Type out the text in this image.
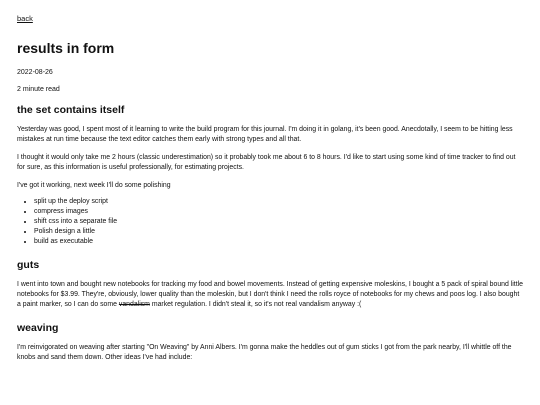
back
results in form
2022-08-26
2 minute read
the set contains itself

Yesterday was good, I spent most of it learning to write the build program for this journal. I'm doing it in golang, it's been good. Anecdotally, I seem to be hitting less mistakes at run time because the text editor catches them early with strong types and all that.

I thought it would only take me 2 hours (classic underestimation) so it probably took me about 6 to 8 hours. I'd like to start using some kind of time tracker to find out for sure, as this information is useful professionally, for estimating projects.

I've got it working, next week I'll do some polishing

• split up the deploy script
• compress images
• shift css into a separate file
• Polish design a little
• build as executable
guts

I went into town and bought new notebooks for tracking my food and bowel movements. Instead of getting expensive moleskins, I bought a 5 pack of spiral bound little notebooks for $3.99. They're, obviously, lower quality than the moleskin, but I don't think I need the rolls royce of notebooks for my chews and poos log. I also bought a paint marker, so I can do some vandalism market regulation. I didn't steal it, so it's not real vandalism anyway :(

weaving

I'm reinvigorated on weaving after starting "On Weaving" by Anni Albers. I'm gonna make the heddles out of gum sticks I got from the park nearby, I'll whittle off the knobs and sand them down. Other ideas I've had include:
